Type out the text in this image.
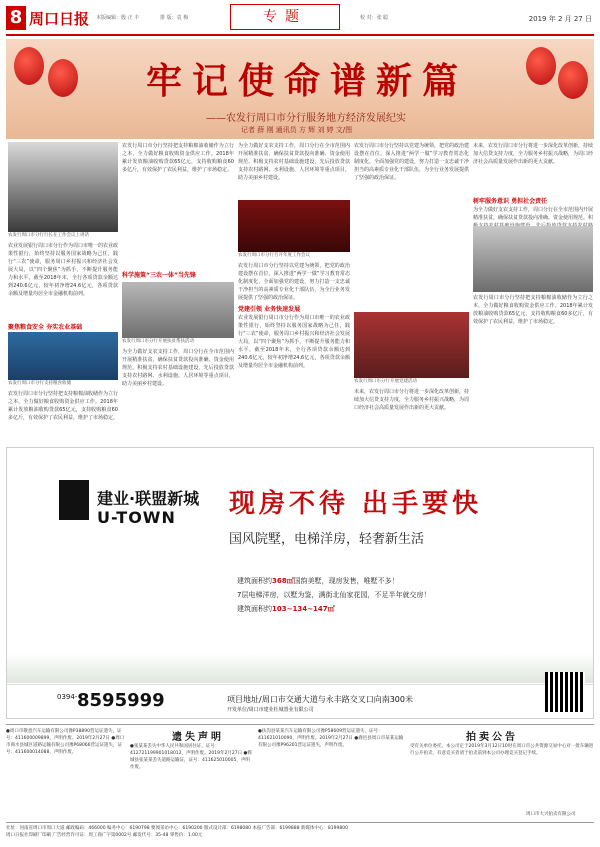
8 周口日报 本版编辑：殷 正 丰	排 版：袁 梅	专题	校 对：张 聪	2019 年 2 月 27 日
牢记使命谱新篇
——农发行周口市分行服务地方经济发展纪实
记者 薛 刚 通讯员 方 辉 刘 婷 文/图
农发行周口市分行行长在工作会议上讲话
农业发展银行周口市分行作为周口市唯一的农业政策性银行，始终坚持以服务国家战略为己任，践行“三农”使命，服务周口乡村振兴和经济社会发展大局，以“四个聚焦”为抓手，不断提升服务能力和水平。截至2018年末，全行各项贷款余额达到240.6亿元，较年初净增24.6亿元，各项贷款余额及增量均居全市金融机构前列。
聚焦粮食安全 夯实农业基础
农发行周口市分行支持粮食收储
农发行周口市分行坚持把支持粮棉油收储作为立行之本，全力做好粮食收购资金供应工作。2018年累计发放粮油收购贷款65亿元，支持收购粮食60多亿斤，有效保护了农民利益，维护了市场稳定。
农发行周口市分行坚持把支持粮棉油收储作为立行之本，全力做好粮食收购资金供应工作。2018年累计发放粮油收购贷款65亿元，支持收购粮食60多亿斤，有效保护了农民利益，维护了市场稳定。
科学施策“三农一体”当先锋
农发行周口市分行开展扶贫帮扶活动
为全力做好支农支持工作，周口分行在全市范围内开展精准扶贫，确保扶贫贷款投向准确、资金使用规范。积极支持农村基础设施建设，先后投放贷款支持农村路网、水利设施、人居环境等重点项目，助力美丽乡村建设。
为全力做好支农支持工作，周口分行在全市范围内开展精准扶贫，确保扶贫贷款投向准确、资金使用规范。积极支持农村基础设施建设，先后投放贷款支持农村路网、水利设施、人居环境等重点项目，助力美丽乡村建设。
农发行周口市分行召开年度工作会议
农发行周口市分行坚持以党建为统领，把党的政治建设摆在首位，深入推进“两学一做”学习教育常态化制度化，全面加强党的建设，努力打造一支忠诚干净担当的高素质专业化干部队伍，为全行业务发展提供了坚强的政治保证。
党建引领 业务快速发展
农业发展银行周口市分行作为周口市唯一的农业政策性银行，始终坚持以服务国家战略为己任，践行“三农”使命，服务周口乡村振兴和经济社会发展大局，以“四个聚焦”为抓手，不断提升服务能力和水平。截至2018年末，全行各项贷款余额达到240.6亿元，较年初净增24.6亿元，各项贷款余额及增量均居全市金融机构前列。
农发行周口市分行坚持以党建为统领，把党的政治建设摆在首位，深入推进“两学一做”学习教育常态化制度化，全面加强党的建设，努力打造一支忠诚干净担当的高素质专业化干部队伍，为全行业务发展提供了坚强的政治保证。
农发行周口市分行开展党建活动
未来，农发行周口市分行将进一步深化改革创新，持续加大信贷支持力度，全力服务乡村振兴战略，为周口经济社会高质量发展作出新的更大贡献。
未来，农发行周口市分行将进一步深化改革创新，持续加大信贷支持力度，全力服务乡村振兴战略，为周口经济社会高质量发展作出新的更大贡献。
树牢服务意识 勇担社会责任
为全力做好支农支持工作，周口分行在全市范围内开展精准扶贫，确保扶贫贷款投向准确、资金使用规范。积
农发行周口市分行坚持把支持粮棉油收储作为立行之本，全力做好粮食收购资金供应工作。2018年累计发放粮油收购贷款65亿元，支持收购粮食60多亿斤，有效保护了农民利益，维护了市场稳定。
建业·联盟新城
U-TOWN 现房不待 出手要快
国风院墅，电梯洋房，轻奢新生活
建筑面积约368㎡国韵美墅，现房发售，唯墅不多！
7层电梯洋房，以墅为鉴，满街北仙家花园，不足半年就交房！
建筑面积约103~134~147㎡
0394- 8595999	项目地址/周口市交通大道与永丰路交叉口向南300米
开发单位/周口市建业杜城置业有限公司
●周口市敬意汽车运输有限公司豫P38890营运证遗失，证号：411600009899，声明作废。2019年2月27日 ●周口市商水县城区道路运输有限公司豫P68066营运证遗失，证号：411600014088，声明作废。
遗失声明
●张某某丢失中华人民共和国居住证，证号：412721199901018012，声明作废。2019年2月27日 ●郸城县张某某丢失道路运输证，证号：411625010005，声明作废。
●扶沟县某某汽车运输有限公司豫P58609营运证遗失，证号：411621010090，声明作废。2019年2月27日 ●鹿邑县周口市某某运输有限公司豫P96201营运证遗失，声明作废。
拍卖公告
受有关单位委托，本公司定于2019年3月12日10时在周口市公共资源交易中心对一批车辆进行公开拍卖，有意竞买者请于拍卖前到本公司办理竞买登记手续。
周口市大兴拍卖有限公司
社址：河南省周口市周口大道 邮政编码：466000 编务中心：6190798 要闻采访中心：6190200 版式设计部：6198080 本报广告部：6199888 新媒体中心：8199800
周口日报社印刷厂印刷 广告经营许可证：周工商广字第0002号 邮发代号：35-48 零售价：1.00元
